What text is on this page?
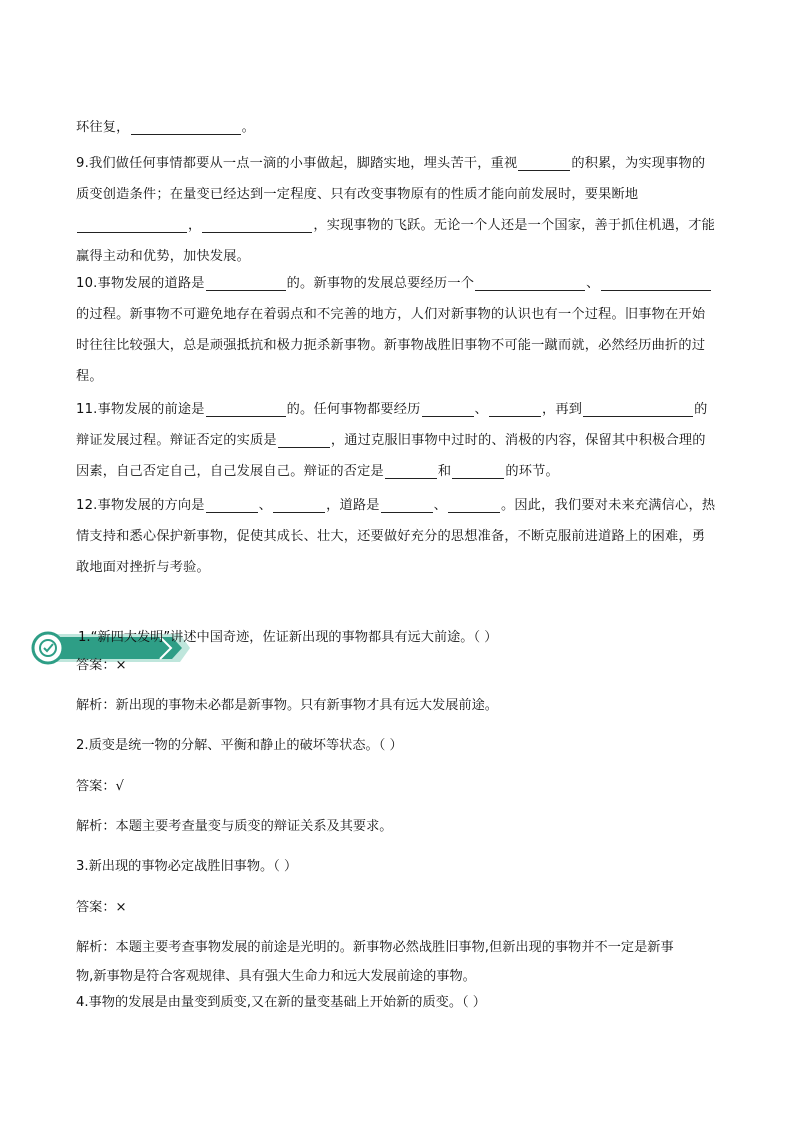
环往复，	。
9.我们做任何事情都要从一点一滴的小事做起，脚踏实地，埋头苦干，重视	的积累，为实现事物的质变创造条件；在量变已经达到一定程度、只有改变事物原有的性质才能向前发展时，要果断地，	，实现事物的飞跃。无论一个人还是一个国家，善于抓住机遇，才能赢得主动和优势，加快发展。
10.事物发展的道路是	的。新事物的发展总要经历一个	、的过程。新事物不可避免地存在着弱点和不完善的地方，人们对新事物的认识也有一个过程。旧事物在开始时往往比较强大，总是顽强抵抗和极力扼杀新事物。新事物战胜旧事物不可能一蹴而就，必然经历曲折的过程。
11.事物发展的前途是	的。任何事物都要经历	、	，再到	的辩证发展过程。辩证否定的实质是	，通过克服旧事物中过时的、消极的内容，保留其中积极合理的因素，自己否定自己，自己发展自己。辩证的否定是	和	的环节。
12.事物发展的方向是	、	，道路是	、	。因此，我们要对未来充满信心，热情支持和悉心保护新事物，促使其成长、壮大，还要做好充分的思想准备，不断克服前进道路上的困难，勇敢地面对挫折与考验。
1.“新四大发明”讲述中国奇迹，佐证新出现的事物都具有远大前途。（ ）
答案：×
解析：新出现的事物未必都是新事物。只有新事物才具有远大发展前途。
2.质变是统一物的分解、平衡和静止的破坏等状态。（ ）
答案：√
解析：本题主要考查量变与质变的辩证关系及其要求。
3.新出现的事物必定战胜旧事物。（ ）
答案：×
解析：本题主要考查事物发展的前途是光明的。新事物必然战胜旧事物,但新出现的事物并不一定是新事
物,新事物是符合客观规律、具有强大生命力和远大发展前途的事物。
4.事物的发展是由量变到质变,又在新的量变基础上开始新的质变。（ ）
